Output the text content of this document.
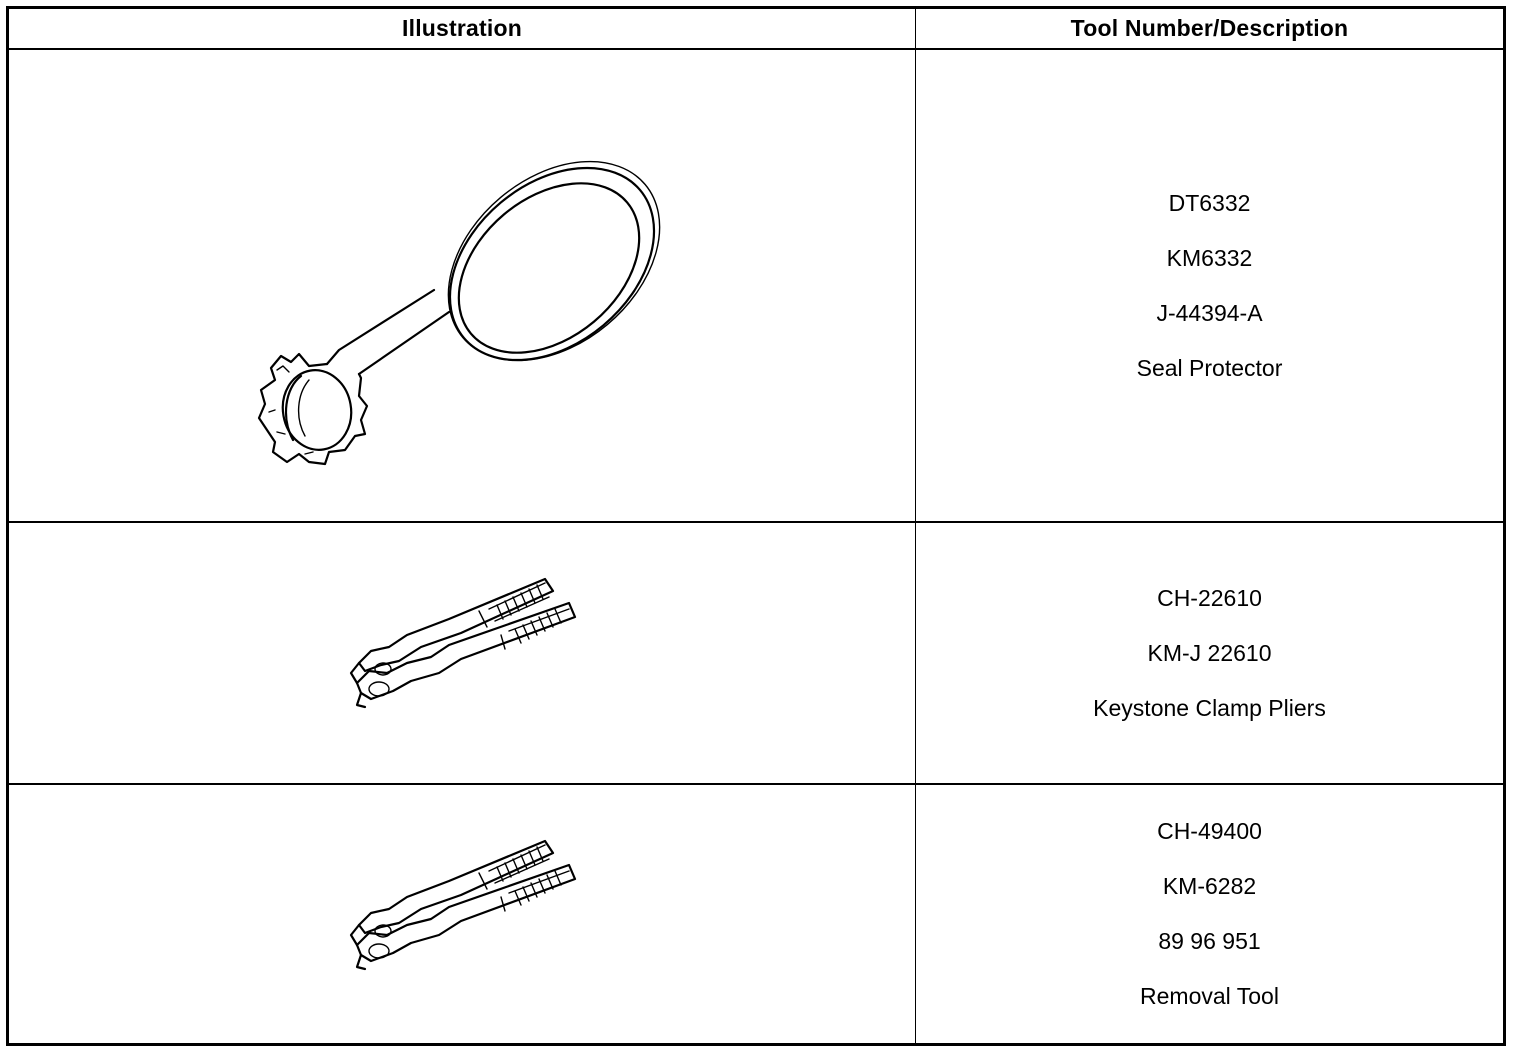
Illustration	Tool Number/Description
DT6332
KM6332
J-44394-A
Seal Protector
CH-22610
KM-J 22610
Keystone Clamp Pliers
CH-49400
KM-6282
89 96 951
Removal Tool
